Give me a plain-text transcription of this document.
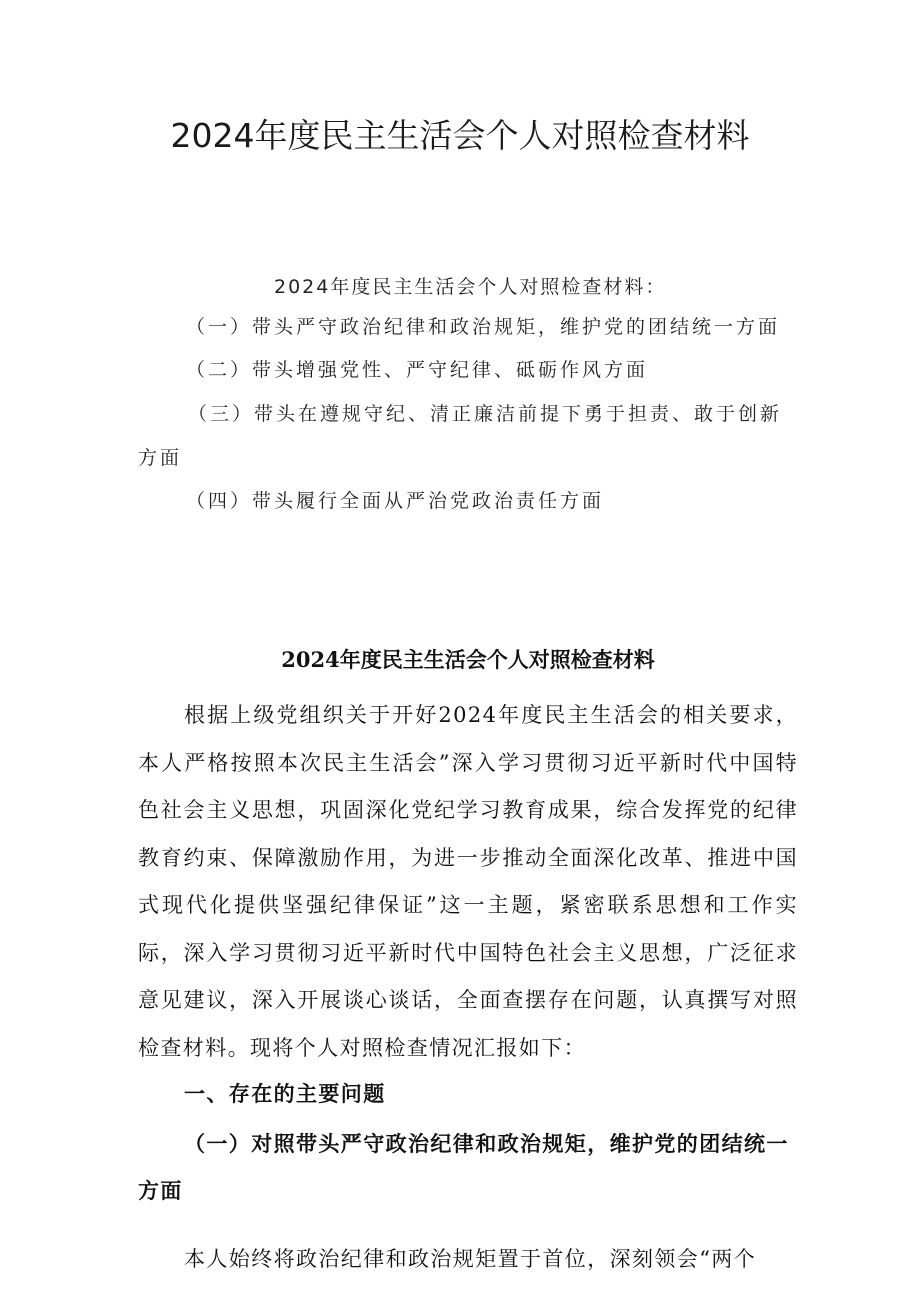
2024年度民主生活会个人对照检查材料
2024年度民主生活会个人对照检查材料：
（一）带头严守政治纪律和政治规矩，维护党的团结统一方面
（二）带头增强党性、严守纪律、砥砺作风方面
（三）带头在遵规守纪、清正廉洁前提下勇于担责、敢于创新方面
（四）带头履行全面从严治党政治责任方面
2024年度民主生活会个人对照检查材料

根据上级党组织关于开好2024年度民主生活会的相关要求，本人严格按照本次民主生活会”深入学习贯彻习近平新时代中国特色社会主义思想，巩固深化党纪学习教育成果，综合发挥党的纪律教育约束、保障激励作用，为进一步推动全面深化改革、推进中国式现代化提供坚强纪律保证”这一主题，紧密联系思想和工作实际，深入学习贯彻习近平新时代中国特色社会主义思想，广泛征求意见建议，深入开展谈心谈话，全面查摆存在问题，认真撰写对照检查材料。现将个人对照检查情况汇报如下：

一、存在的主要问题

（一）对照带头严守政治纪律和政治规矩，维护党的团结统一方面

本人始终将政治纪律和政治规矩置于首位，深刻领会“两个
